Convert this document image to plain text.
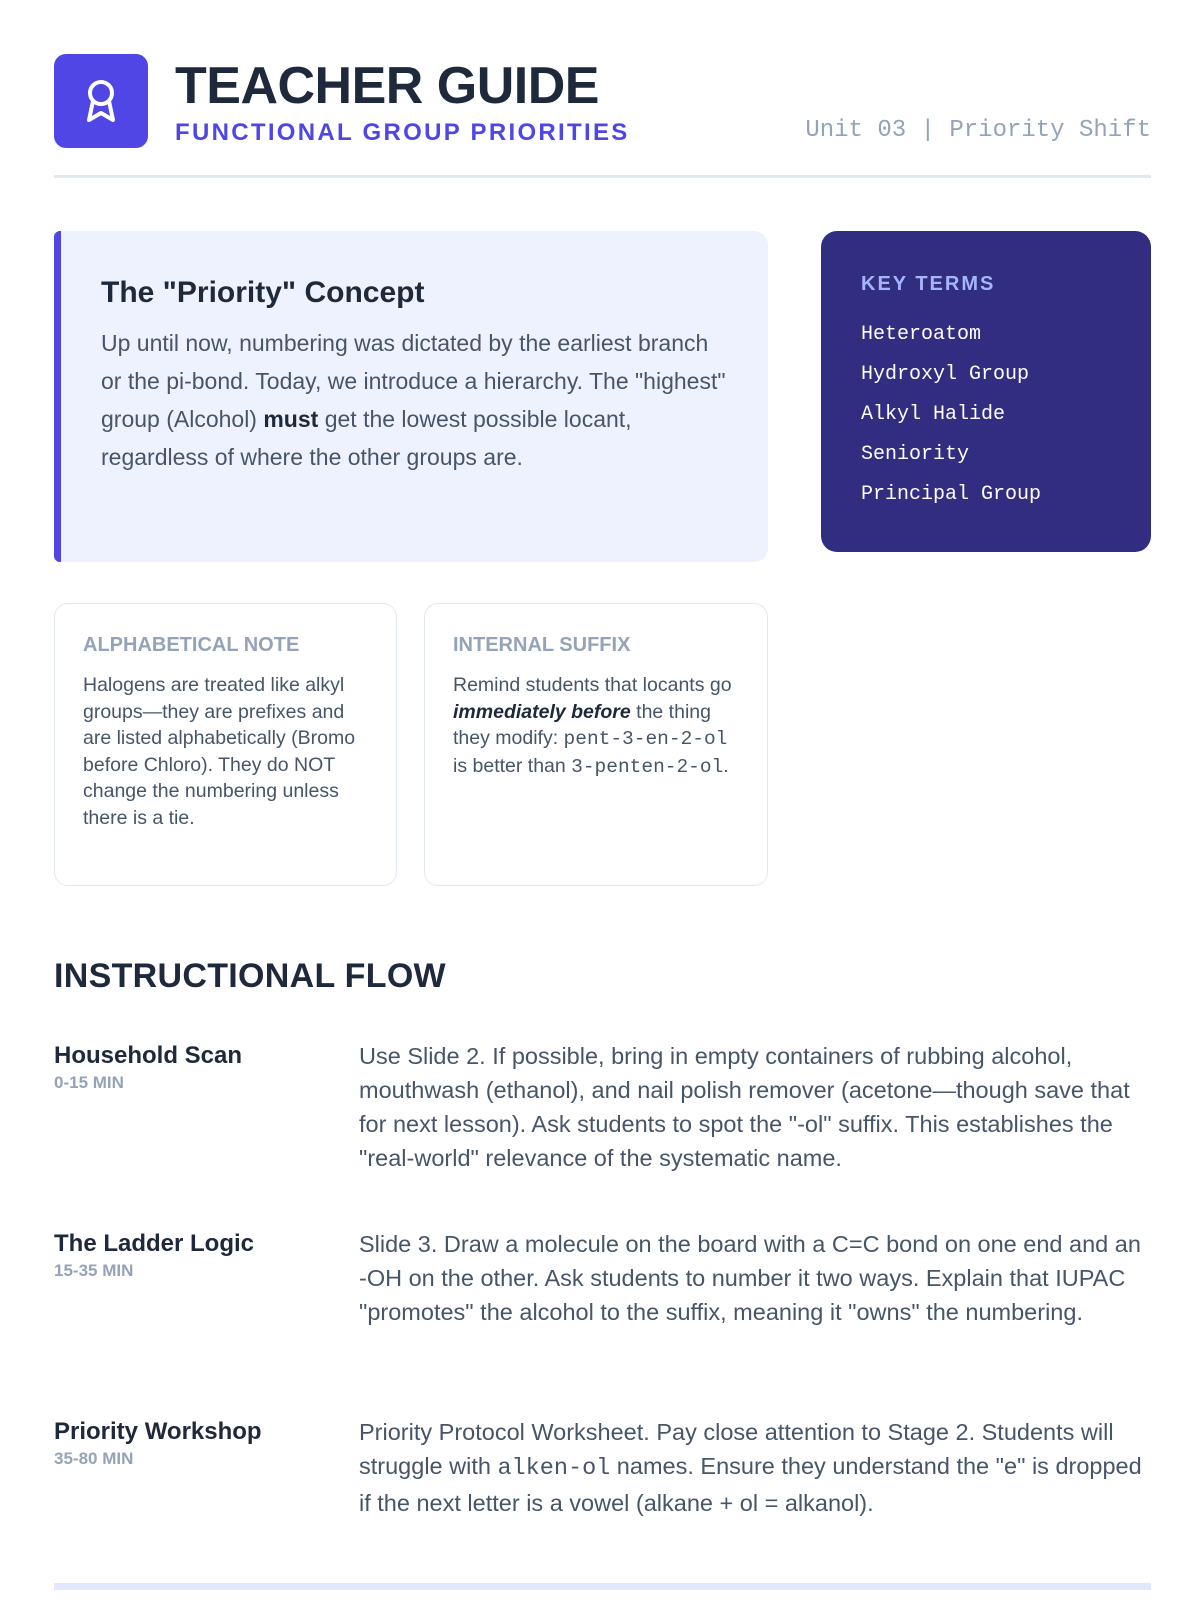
TEACHER GUIDE
FUNCTIONAL GROUP PRIORITIES	Unit 03 | Priority Shift
The "Priority" Concept

Up until now, numbering was dictated by the earliest branch or the pi-bond. Today, we introduce a hierarchy. The "highest" group (Alcohol) must get the lowest possible locant, regardless of where the other groups are.

KEY TERMS
Heteroatom
Hydroxyl Group
Alkyl Halide
Seniority
Principal Group
ALPHABETICAL NOTE

Halogens are treated like alkyl groups—they are prefixes and are listed alphabetically (Bromo before Chloro). They do NOT change the numbering unless there is a tie.

INTERNAL SUFFIX

Remind students that locants go immediately before the thing they modify: pent-3-en-2-ol is better than 3-penten-2-ol.

INSTRUCTIONAL FLOW
Household Scan
0-15 MIN

Use Slide 2. If possible, bring in empty containers of rubbing alcohol, mouthwash (ethanol), and nail polish remover (acetone—though save that for next lesson). Ask students to spot the "-ol" suffix. This establishes the "real-world" relevance of the systematic name.

The Ladder Logic
15-35 MIN

Slide 3. Draw a molecule on the board with a C=C bond on one end and an -OH on the other. Ask students to number it two ways. Explain that IUPAC "promotes" the alcohol to the suffix, meaning it "owns" the numbering.

Priority Workshop
35-80 MIN

Priority Protocol Worksheet. Pay close attention to Stage 2. Students will struggle with alken-ol names. Ensure they understand the "e" is dropped if the next letter is a vowel (alkane + ol = alkanol).
